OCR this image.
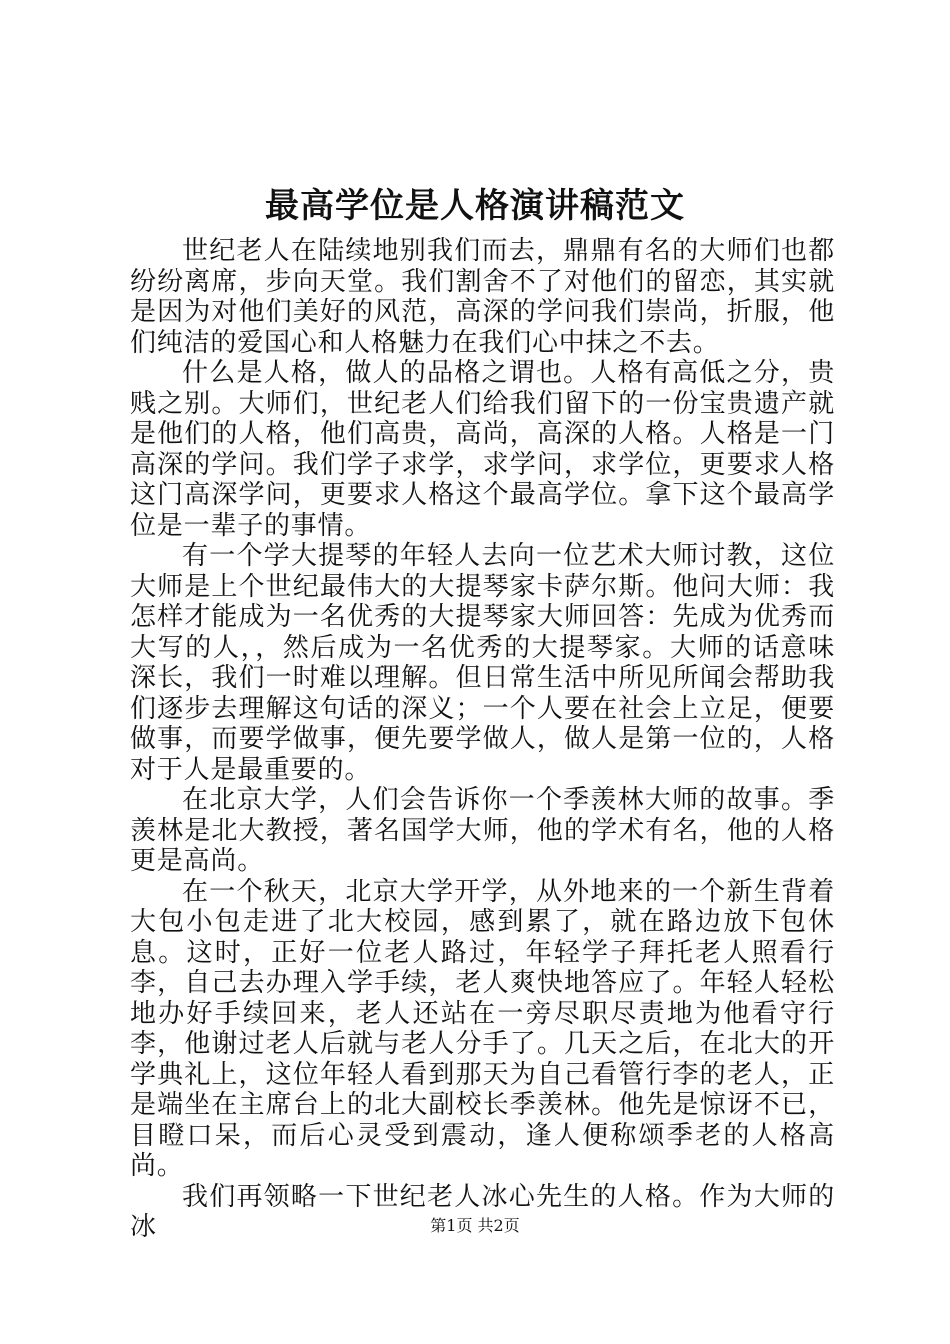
最高学位是人格演讲稿范文

世纪老人在陆续地别我们而去，鼎鼎有名的大师们也都纷纷离席，步向天堂。我们割舍不了对他们的留恋，其实就是因为对他们美好的风范，高深的学问我们崇尚，折服，他们纯洁的爱国心和人格魅力在我们心中抹之不去。

什么是人格，做人的品格之谓也。人格有高低之分，贵贱之别。大师们，世纪老人们给我们留下的一份宝贵遗产就是他们的人格，他们高贵，高尚，高深的人格。人格是一门高深的学问。我们学子求学，求学问，求学位，更要求人格这门高深学问，更要求人格这个最高学位。拿下这个最高学位是一辈子的事情。

有一个学大提琴的年轻人去向一位艺术大师讨教，这位大师是上个世纪最伟大的大提琴家卡萨尔斯。他问大师：我怎样才能成为一名优秀的大提琴家大师回答：先成为优秀而大写的人，，然后成为一名优秀的大提琴家。大师的话意味深长，我们一时难以理解。但日常生活中所见所闻会帮助我们逐步去理解这句话的深义；一个人要在社会上立足，便要做事，而要学做事，便先要学做人，做人是第一位的，人格对于人是最重要的。

在北京大学，人们会告诉你一个季羡林大师的故事。季羡林是北大教授，著名国学大师，他的学术有名，他的人格更是高尚。

在一个秋天，北京大学开学，从外地来的一个新生背着大包小包走进了北大校园，感到累了，就在路边放下包休息。这时，正好一位老人路过，年轻学子拜托老人照看行李，自己去办理入学手续，老人爽快地答应了。年轻人轻松地办好手续回来，老人还站在一旁尽职尽责地为他看守行李，他谢过老人后就与老人分手了。几天之后，在北大的开学典礼上，这位年轻人看到那天为自己看管行李的老人，正是端坐在主席台上的北大副校长季羡林。他先是惊讶不已，目瞪口呆，而后心灵受到震动，逢人便称颂季老的人格高尚。

我们再领略一下世纪老人冰心先生的人格。作为大师的冰	第1页 共2页
